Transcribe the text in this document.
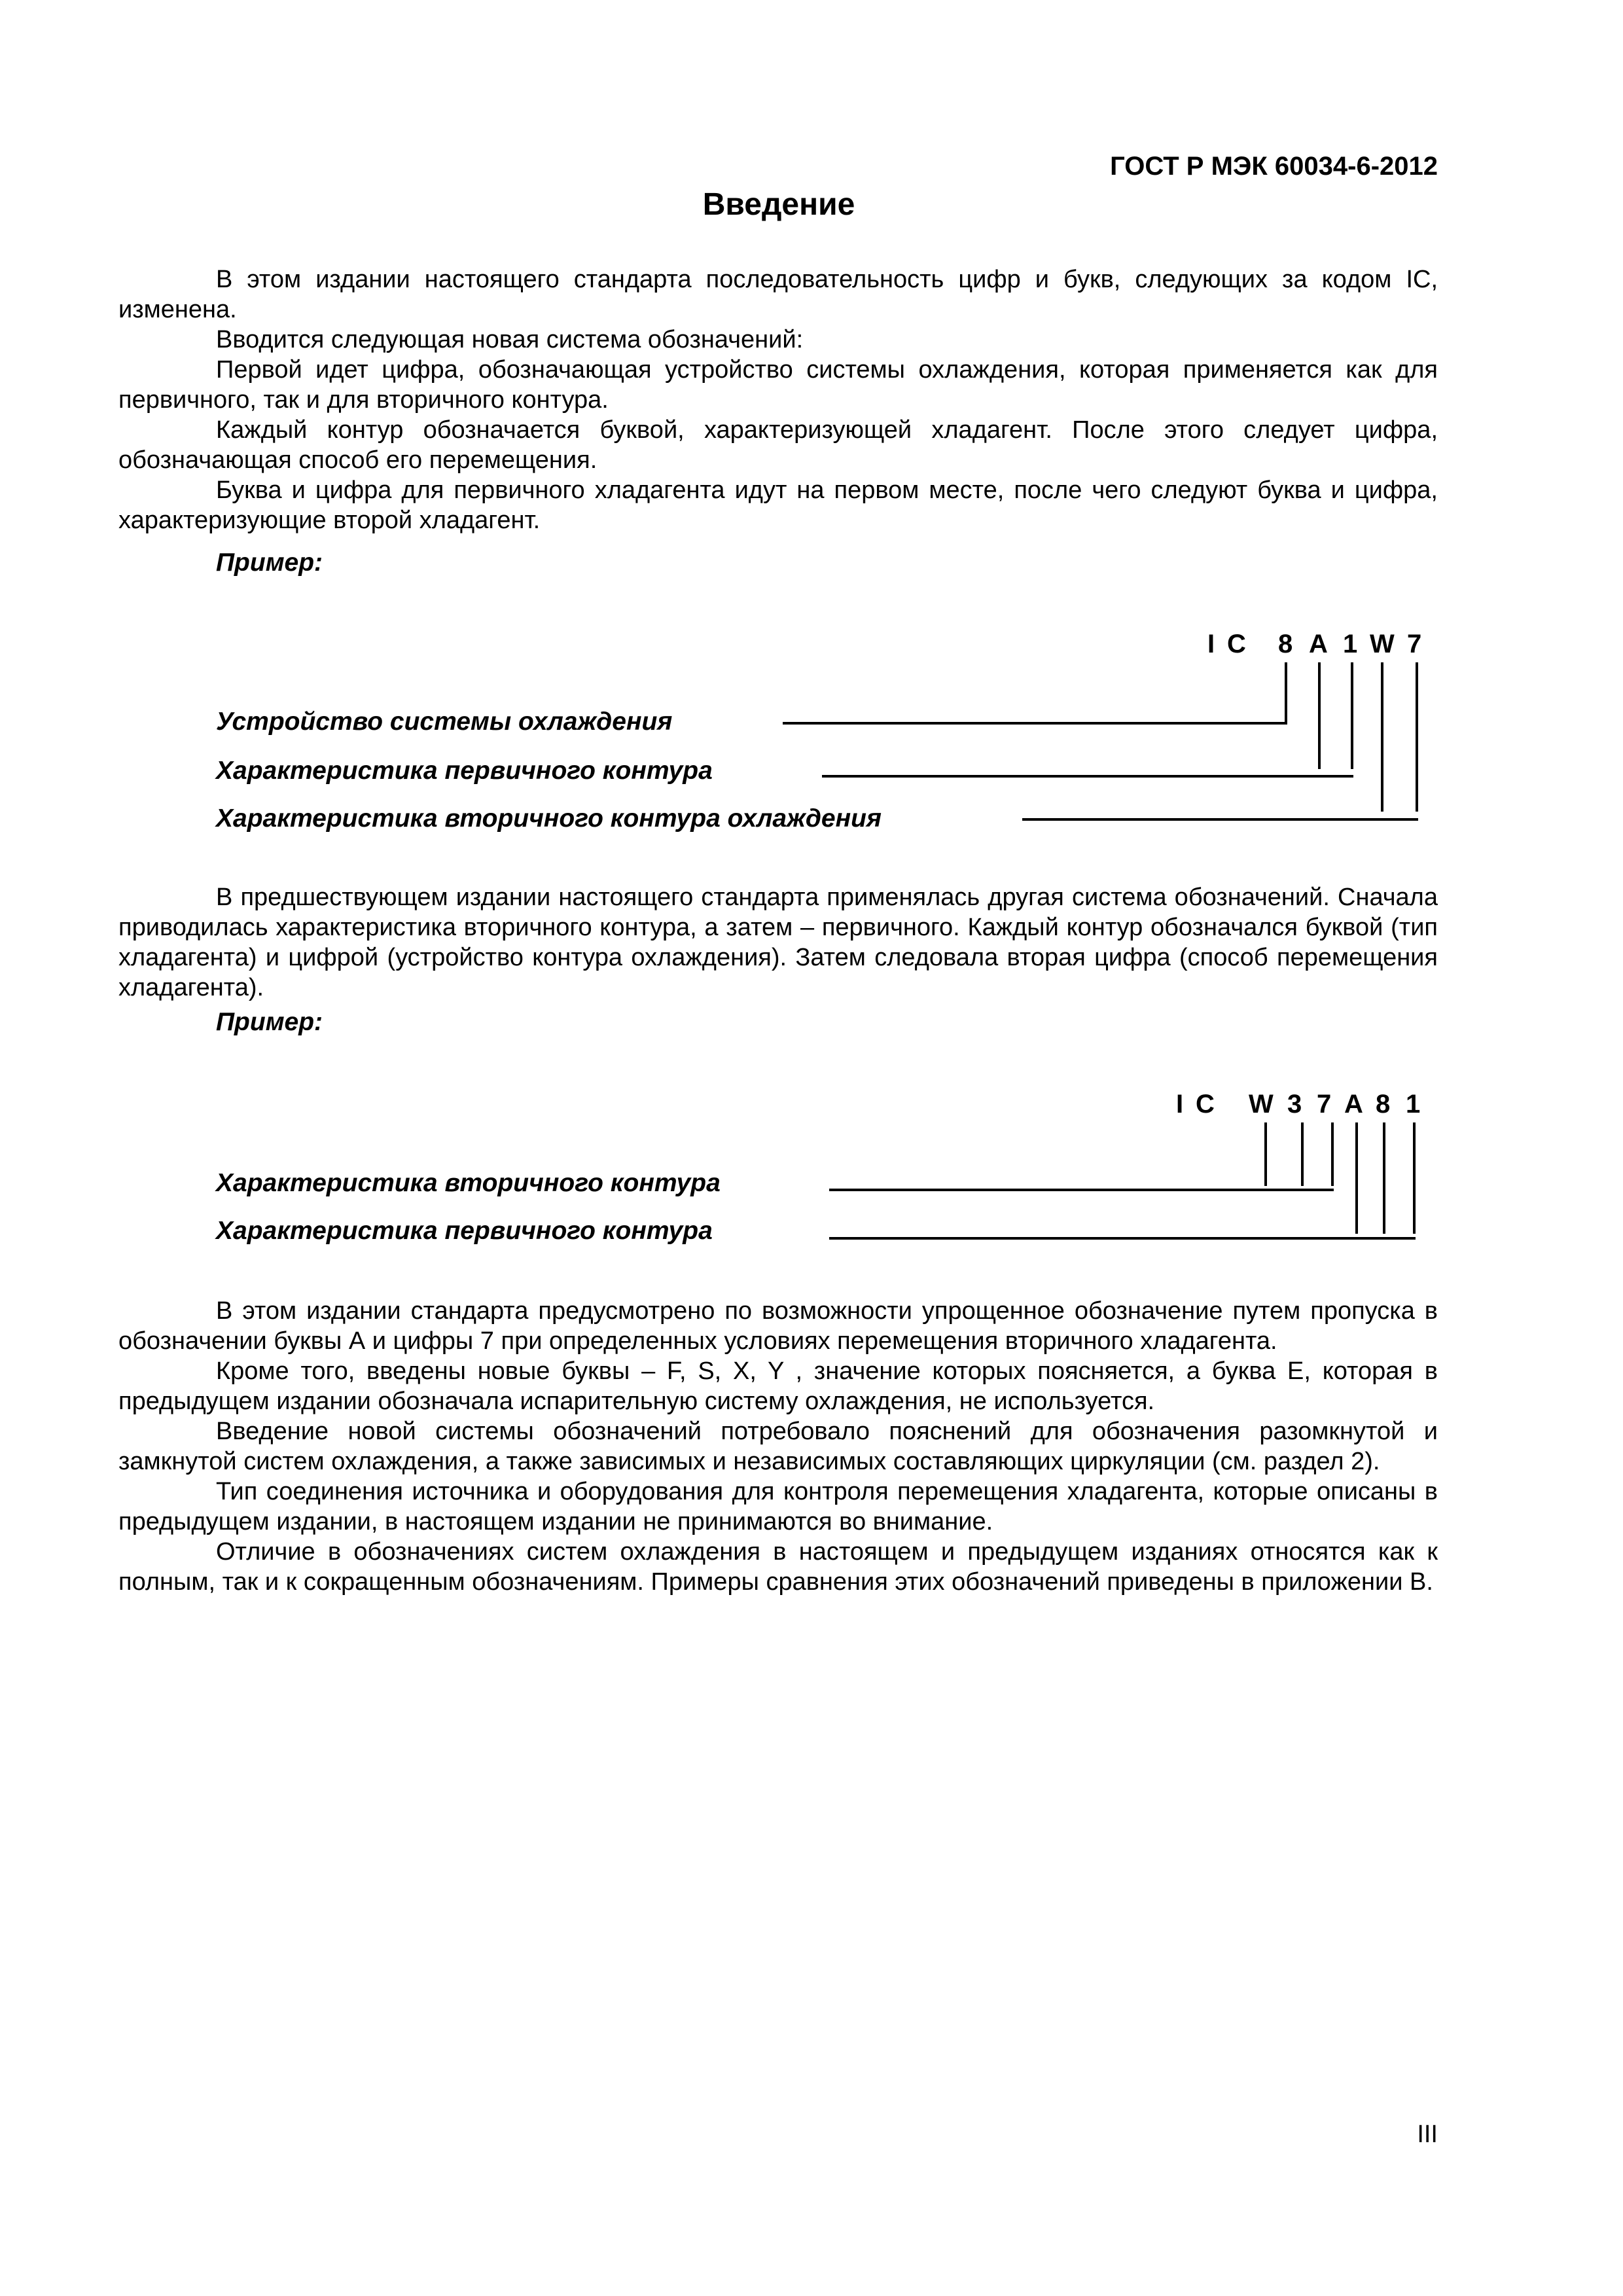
ГОСТ Р МЭК 60034-6-2012
Введение

В этом издании настоящего стандарта последовательность цифр и букв, следующих за кодом IC, изменена.

Вводится следующая новая система обозначений:

Первой идет цифра, обозначающая устройство системы охлаждения, которая применяется как для первичного, так и для вторичного контура.

Каждый контур обозначается буквой, характеризующей хладагент. После этого следует цифра, обозначающая способ его перемещения.

Буква и цифра для первичного хладагента идут на первом месте, после чего следуют буква и цифра, характеризующие второй хладагент.

Пример:
I C 8 A 1 W 7
Устройство системы охлаждения
Характеристика первичного контура
Характеристика вторичного контура охлаждения

В предшествующем издании настоящего стандарта применялась другая система обозначений. Сначала приводилась характеристика вторичного контура, а затем – первичного. Каждый контур обозначался буквой (тип хладагента) и цифрой (устройство контура охлаждения). Затем следовала вторая цифра (способ перемещения хладагента).

Пример:
I C W 3 7 A 8 1
Характеристика вторичного контура
Характеристика первичного контура

В этом издании стандарта предусмотрено по возможности упрощенное обозначение путем пропуска в обозначении буквы А и цифры 7 при определенных условиях перемещения вторичного хладагента.

Кроме того, введены новые буквы – F, S, X, Y , значение которых поясняется, а буква Е, которая в предыдущем издании обозначала испарительную систему охлаждения, не используется.

Введение новой системы обозначений потребовало пояснений для обозначения разомкнутой и замкнутой систем охлаждения, а также зависимых и независимых составляющих циркуляции (см. раздел 2).

Тип соединения источника и оборудования для контроля перемещения хладагента, которые описаны в предыдущем издании, в настоящем издании не принимаются во внимание.

Отличие в обозначениях систем охлаждения в настоящем и предыдущем изданиях относятся как к полным, так и к сокращенным обозначениям. Примеры сравнения этих обозначений приведены в приложении В.

III
